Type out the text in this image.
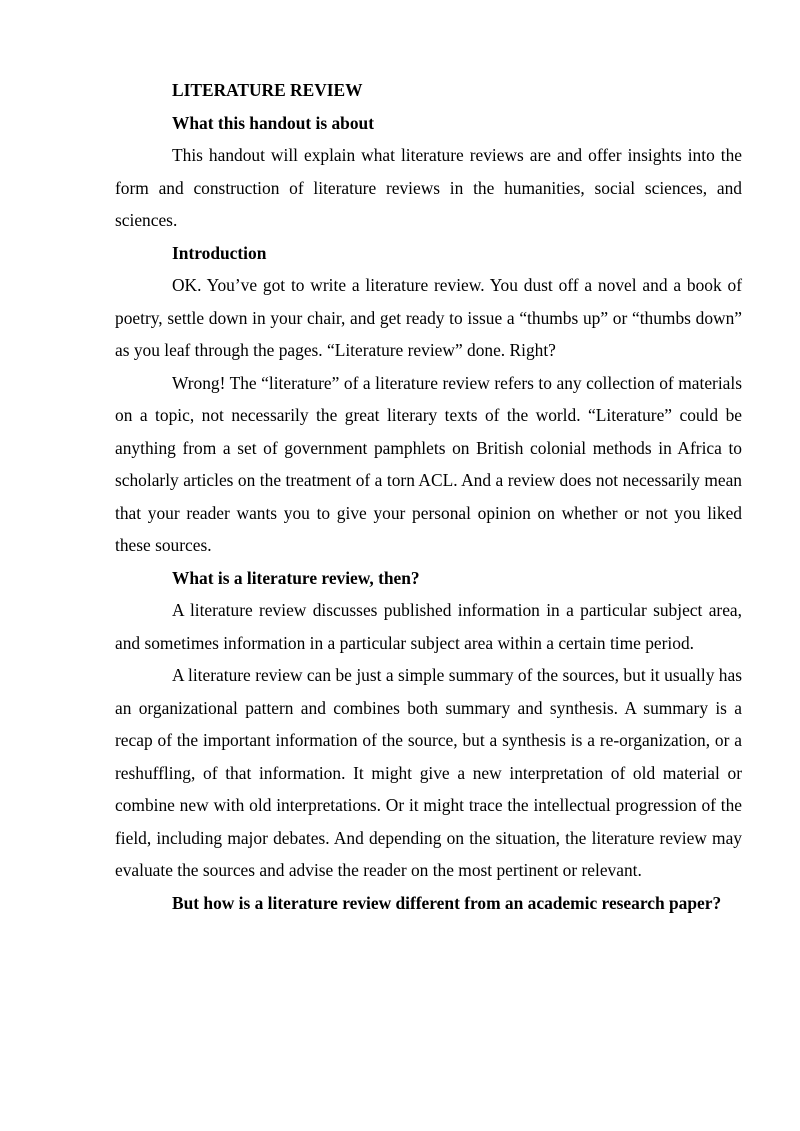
LITERATURE REVIEW

What this handout is about

This handout will explain what literature reviews are and offer insights into the form and construction of literature reviews in the humanities, social sciences, and sciences.

Introduction

OK. You’ve got to write a literature review. You dust off a novel and a book of poetry, settle down in your chair, and get ready to issue a “thumbs up” or “thumbs down” as you leaf through the pages. “Literature review” done. Right?

Wrong! The “literature” of a literature review refers to any collection of materials on a topic, not necessarily the great literary texts of the world. “Literature” could be anything from a set of government pamphlets on British colonial methods in Africa to scholarly articles on the treatment of a torn ACL. And a review does not necessarily mean that your reader wants you to give your personal opinion on whether or not you liked these sources.

What is a literature review, then?

A literature review discusses published information in a particular subject area, and sometimes information in a particular subject area within a certain time period.

A literature review can be just a simple summary of the sources, but it usually has an organizational pattern and combines both summary and synthesis. A summary is a recap of the important information of the source, but a synthesis is a re-organization, or a reshuffling, of that information. It might give a new interpretation of old material or combine new with old interpretations. Or it might trace the intellectual progression of the field, including major debates. And depending on the situation, the literature review may evaluate the sources and advise the reader on the most pertinent or relevant.

But how is a literature review different from an academic research paper?
